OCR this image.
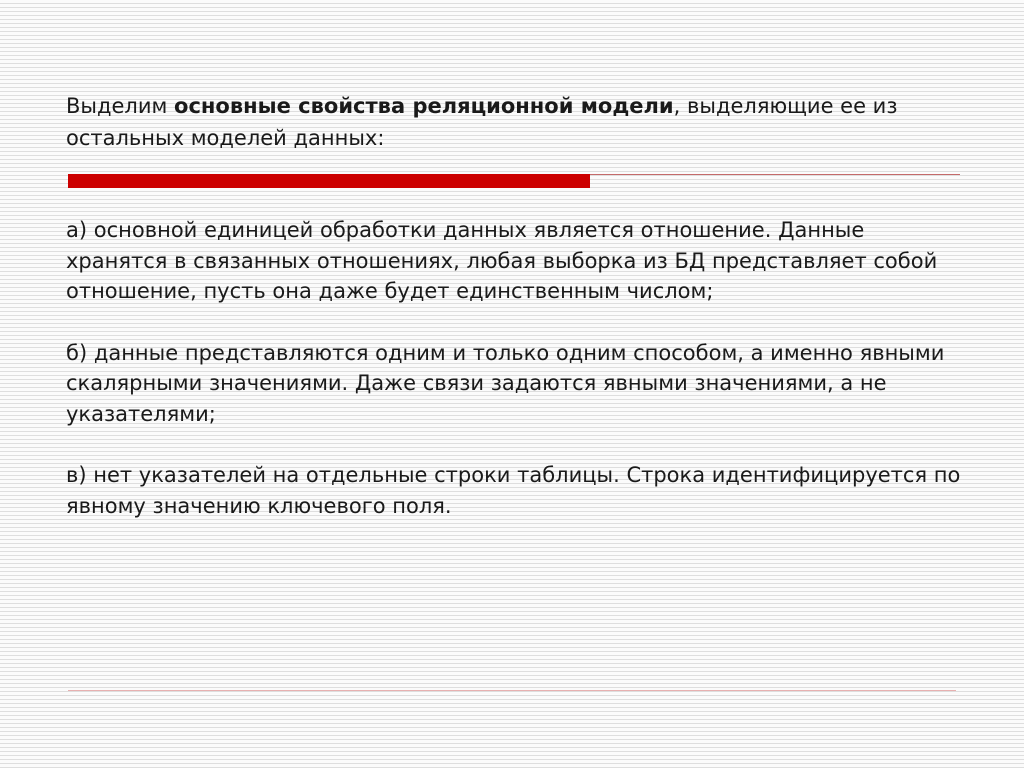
Выделим основные свойства реляционной модели, выделяющие ее из остальных моделей данных:

а) основной единицей обработки данных является отношение. Данные хранятся в связанных отношениях, любая выборка из БД представляет собой отношение, пусть она даже будет единственным числом;

б) данные представляются одним и только одним способом, а именно явными скалярными значениями. Даже связи задаются явными значениями, а не указателями;

в) нет указателей на отдельные строки таблицы. Строка идентифицируется по явному значению ключевого поля.
